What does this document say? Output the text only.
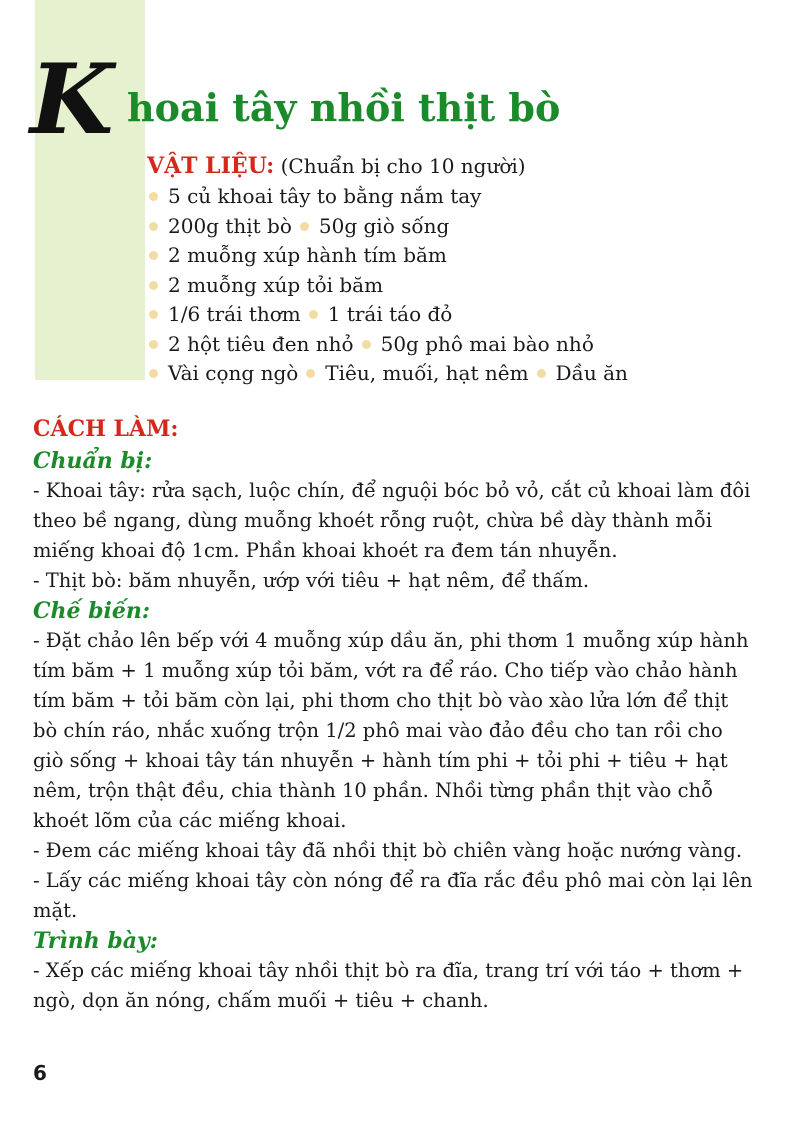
K hoai tây nhồi thịt bò
VẬT LIỆU: (Chuẩn bị cho 10 người)
5 củ khoai tây to bằng nắm tay
200g thịt bò 50g giò sống
2 muỗng xúp hành tím băm
2 muỗng xúp tỏi băm
1/6 trái thơm 1 trái táo đỏ
2 hột tiêu đen nhỏ 50g phô mai bào nhỏ
Vài cọng ngò Tiêu, muối, hạt nêm Dầu ăn
CÁCH LÀM:
Chuẩn bị:

- Khoai tây: rửa sạch, luộc chín, để nguội bóc bỏ vỏ, cắt củ khoai làm đôi theo bề ngang, dùng muỗng khoét rỗng ruột, chừa bề dày thành mỗi miếng khoai độ 1cm. Phần khoai khoét ra đem tán nhuyễn.

- Thịt bò: băm nhuyễn, ướp với tiêu + hạt nêm, để thấm.

Chế biến:

- Đặt chảo lên bếp với 4 muỗng xúp dầu ăn, phi thơm 1 muỗng xúp hành tím băm + 1 muỗng xúp tỏi băm, vớt ra để ráo. Cho tiếp vào chảo hành tím băm + tỏi băm còn lại, phi thơm cho thịt bò vào xào lửa lớn để thịt bò chín ráo, nhắc xuống trộn 1/2 phô mai vào đảo đều cho tan rồi cho giò sống + khoai tây tán nhuyễn + hành tím phi + tỏi phi + tiêu + hạt nêm, trộn thật đều, chia thành 10 phần. Nhồi từng phần thịt vào chỗ khoét lõm của các miếng khoai.

- Đem các miếng khoai tây đã nhồi thịt bò chiên vàng hoặc nướng vàng.

- Lấy các miếng khoai tây còn nóng để ra đĩa rắc đều phô mai còn lại lên mặt.

Trình bày:

- Xếp các miếng khoai tây nhồi thịt bò ra đĩa, trang trí với táo + thơm + ngò, dọn ăn nóng, chấm muối + tiêu + chanh.

6
